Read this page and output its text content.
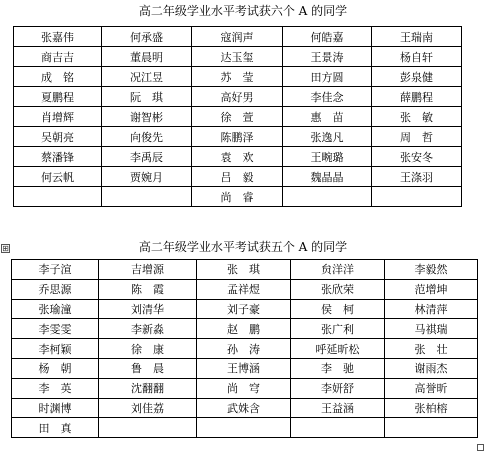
高二年级学业水平考试获六个 A 的同学
张嘉伟	何承盛	寇润声	何皓嘉	王瑞南
商吉吉	董晨明	达玉玺	王景涛	杨自轩
成　铭	况江昱	苏　莹	田方圆	彭泉健
夏鹏程	阮　琪	高好男	李佳念	薛鹏程
肖增辉	谢智彬	徐　萱	惠　苗	张　敏
吴朝亮	向俊先	陈鹏泽	张逸凡	周　哲
蔡潘锋	李禹辰	袁　欢	王畹璐	张安冬
何云帆	贾婉月	吕　毅	魏晶晶	王涤羽
		尚　睿		
⊞	高二年级学业水平考试获五个 A 的同学
李子渲	吉增源	张　琪	贠洋洋	李毅然
乔思源	陈　霞	孟祥煜	张欣荣	范增坤
张瑜潼	刘清华	刘子豪	侯　柯	林清萍
李雯雯	李新淼	赵　鹏	张广利	马祺瑞
李柯颖	徐　康	孙　涛	呼延昕松	张　壮
杨　朝	鲁　晨	王博涵	李　驰	谢雨杰
李　英	沈翻翻	尚　穹	李妍舒	高誉昕
时渊博	刘佳荔	武姝含	王益涵	张柏榕
田　真				
